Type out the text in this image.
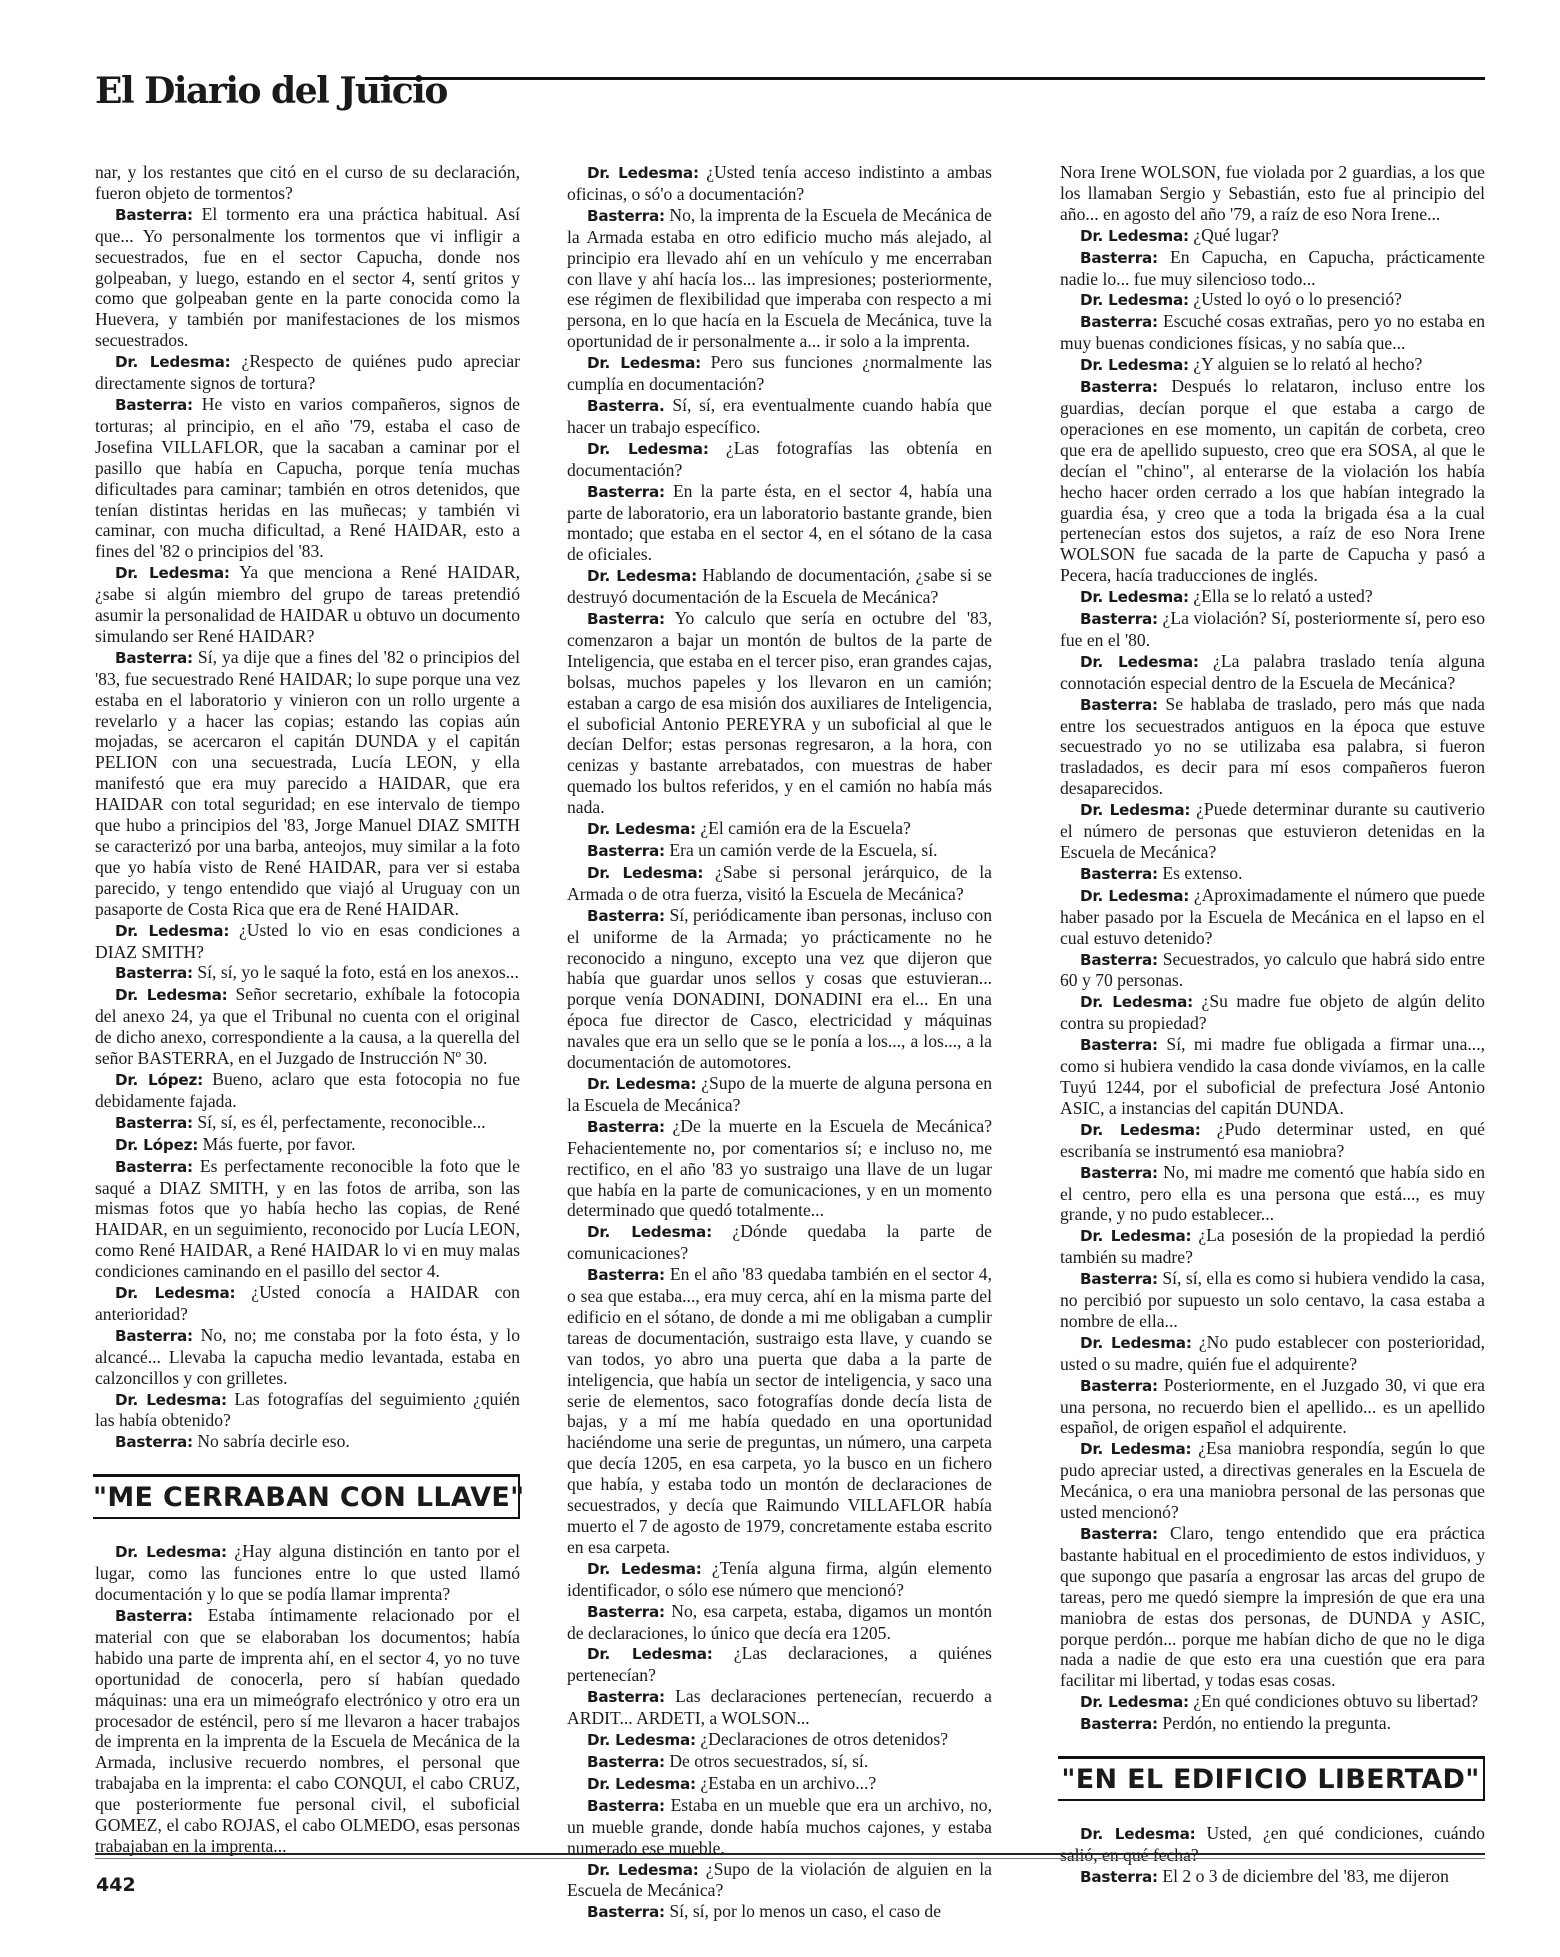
El Diario del Juicio

nar, y los restantes que citó en el curso de su declaración, fueron objeto de tormentos?

Basterra: El tormento era una práctica habitual. Así que... Yo personalmente los tormentos que vi infligir a secuestrados, fue en el sector Capucha, donde nos golpeaban, y luego, estando en el sector 4, sentí gritos y como que golpeaban gente en la parte conocida como la Huevera, y también por manifestaciones de los mismos secuestrados.

Dr. Ledesma: ¿Respecto de quiénes pudo apreciar directamente signos de tortura?

Basterra: He visto en varios compañeros, signos de torturas; al principio, en el año '79, estaba el caso de Josefina VILLAFLOR, que la sacaban a caminar por el pasillo que había en Capucha, porque tenía muchas dificultades para caminar; también en otros detenidos, que tenían distintas heridas en las muñecas; y también vi caminar, con mucha dificultad, a René HAIDAR, esto a fines del '82 o principios del '83.

Dr. Ledesma: Ya que menciona a René HAIDAR, ¿sabe si algún miembro del grupo de tareas pretendió asumir la personalidad de HAIDAR u obtuvo un documento simulando ser René HAIDAR?

Basterra: Sí, ya dije que a fines del '82 o principios del '83, fue secuestrado René HAIDAR; lo supe porque una vez estaba en el laboratorio y vinieron con un rollo urgente a revelarlo y a hacer las copias; estando las copias aún mojadas, se acercaron el capitán DUNDA y el capitán PELION con una secuestrada, Lucía LEON, y ella manifestó que era muy parecido a HAIDAR, que era HAIDAR con total seguridad; en ese intervalo de tiempo que hubo a principios del '83, Jorge Manuel DIAZ SMITH se caracterizó por una barba, anteojos, muy similar a la foto que yo había visto de René HAIDAR, para ver si estaba parecido, y tengo entendido que viajó al Uruguay con un pasaporte de Costa Rica que era de René HAIDAR.

Dr. Ledesma: ¿Usted lo vio en esas condiciones a DIAZ SMITH?

Basterra: Sí, sí, yo le saqué la foto, está en los anexos...

Dr. Ledesma: Señor secretario, exhíbale la fotocopia del anexo 24, ya que el Tribunal no cuenta con el original de dicho anexo, correspondiente a la causa, a la querella del señor BASTERRA, en el Juzgado de Instrucción Nº 30.

Dr. López: Bueno, aclaro que esta fotocopia no fue debidamente fajada.

Basterra: Sí, sí, es él, perfectamente, reconocible...

Dr. López: Más fuerte, por favor.

Basterra: Es perfectamente reconocible la foto que le saqué a DIAZ SMITH, y en las fotos de arriba, son las mismas fotos que yo había hecho las copias, de René HAIDAR, en un seguimiento, reconocido por Lucía LEON, como René HAIDAR, a René HAIDAR lo vi en muy malas condiciones caminando en el pasillo del sector 4.

Dr. Ledesma: ¿Usted conocía a HAIDAR con anterioridad?

Basterra: No, no; me constaba por la foto ésta, y lo alcancé... Llevaba la capucha medio levantada, estaba en calzoncillos y con grilletes.

Dr. Ledesma: Las fotografías del seguimiento ¿quién las había obtenido?

Basterra: No sabría decirle eso.

"ME CERRABAN CON LLAVE"

Dr. Ledesma: ¿Hay alguna distinción en tanto por el lugar, como las funciones entre lo que usted llamó documentación y lo que se podía llamar imprenta?

Basterra: Estaba íntimamente relacionado por el material con que se elaboraban los documentos; había habido una parte de imprenta ahí, en el sector 4, yo no tuve oportunidad de conocerla, pero sí habían quedado máquinas: una era un mimeógrafo electrónico y otro era un procesador de esténcil, pero sí me llevaron a hacer trabajos de imprenta en la imprenta de la Escuela de Mecánica de la Armada, inclusive recuerdo nombres, el personal que trabajaba en la imprenta: el cabo CONQUI, el cabo CRUZ, que posteriormente fue personal civil, el suboficial GOMEZ, el cabo ROJAS, el cabo OLMEDO, esas personas trabajaban en la imprenta...

Dr. Ledesma: ¿Usted tenía acceso indistinto a ambas oficinas, o só'o a documentación?

Basterra: No, la imprenta de la Escuela de Mecánica de la Armada estaba en otro edificio mucho más alejado, al principio era llevado ahí en un vehículo y me encerraban con llave y ahí hacía los... las impresiones; posteriormente, ese régimen de flexibilidad que imperaba con respecto a mi persona, en lo que hacía en la Escuela de Mecánica, tuve la oportunidad de ir personalmente a... ir solo a la imprenta.

Dr. Ledesma: Pero sus funciones ¿normalmente las cumplía en documentación?

Basterra. Sí, sí, era eventualmente cuando había que hacer un trabajo específico.

Dr. Ledesma: ¿Las fotografías las obtenía en documentación?

Basterra: En la parte ésta, en el sector 4, había una parte de laboratorio, era un laboratorio bastante grande, bien montado; que estaba en el sector 4, en el sótano de la casa de oficiales.

Dr. Ledesma: Hablando de documentación, ¿sabe si se destruyó documentación de la Escuela de Mecánica?

Basterra: Yo calculo que sería en octubre del '83, comenzaron a bajar un montón de bultos de la parte de Inteligencia, que estaba en el tercer piso, eran grandes cajas, bolsas, muchos papeles y los llevaron en un camión; estaban a cargo de esa misión dos auxiliares de Inteligencia, el suboficial Antonio PEREYRA y un suboficial al que le decían Delfor; estas personas regresaron, a la hora, con cenizas y bastante arrebatados, con muestras de haber quemado los bultos referidos, y en el camión no había más nada.

Dr. Ledesma: ¿El camión era de la Escuela?

Basterra: Era un camión verde de la Escuela, sí.

Dr. Ledesma: ¿Sabe si personal jerárquico, de la Armada o de otra fuerza, visitó la Escuela de Mecánica?

Basterra: Sí, periódicamente iban personas, incluso con el uniforme de la Armada; yo prácticamente no he reconocido a ninguno, excepto una vez que dijeron que había que guardar unos sellos y cosas que estuvieran... porque venía DONADINI, DONADINI era el... En una época fue director de Casco, electricidad y máquinas navales que era un sello que se le ponía a los..., a los..., a la documentación de automotores.

Dr. Ledesma: ¿Supo de la muerte de alguna persona en la Escuela de Mecánica?

Basterra: ¿De la muerte en la Escuela de Mecánica? Fehacientemente no, por comentarios sí; e incluso no, me rectifico, en el año '83 yo sustraigo una llave de un lugar que había en la parte de comunicaciones, y en un momento determinado que quedó totalmente...

Dr. Ledesma: ¿Dónde quedaba la parte de comunicaciones?

Basterra: En el año '83 quedaba también en el sector 4, o sea que estaba..., era muy cerca, ahí en la misma parte del edificio en el sótano, de donde a mi me obligaban a cumplir tareas de documentación, sustraigo esta llave, y cuando se van todos, yo abro una puerta que daba a la parte de inteligencia, que había un sector de inteligencia, y saco una serie de elementos, saco fotografías donde decía lista de bajas, y a mí me había quedado en una oportunidad haciéndome una serie de preguntas, un número, una carpeta que decía 1205, en esa carpeta, yo la busco en un fichero que había, y estaba todo un montón de declaraciones de secuestrados, y decía que Raimundo VILLAFLOR había muerto el 7 de agosto de 1979, concretamente estaba escrito en esa carpeta.

Dr. Ledesma: ¿Tenía alguna firma, algún elemento identificador, o sólo ese número que mencionó?

Basterra: No, esa carpeta, estaba, digamos un montón de declaraciones, lo único que decía era 1205.

Dr. Ledesma: ¿Las declaraciones, a quiénes pertenecían?

Basterra: Las declaraciones pertenecían, recuerdo a ARDIT... ARDETI, a WOLSON...

Dr. Ledesma: ¿Declaraciones de otros detenidos?

Basterra: De otros secuestrados, sí, sí.

Dr. Ledesma: ¿Estaba en un archivo...?

Basterra: Estaba en un mueble que era un archivo, no, un mueble grande, donde había muchos cajones, y estaba numerado ese mueble.

Dr. Ledesma: ¿Supo de la violación de alguien en la Escuela de Mecánica?

Basterra: Sí, sí, por lo menos un caso, el caso de

Nora Irene WOLSON, fue violada por 2 guardias, a los que los llamaban Sergio y Sebastián, esto fue al principio del año... en agosto del año '79, a raíz de eso Nora Irene...

Dr. Ledesma: ¿Qué lugar?

Basterra: En Capucha, en Capucha, prácticamente nadie lo... fue muy silencioso todo...

Dr. Ledesma: ¿Usted lo oyó o lo presenció?

Basterra: Escuché cosas extrañas, pero yo no estaba en muy buenas condiciones físicas, y no sabía que...

Dr. Ledesma: ¿Y alguien se lo relató al hecho?

Basterra: Después lo relataron, incluso entre los guardias, decían porque el que estaba a cargo de operaciones en ese momento, un capitán de corbeta, creo que era de apellido supuesto, creo que era SOSA, al que le decían el "chino", al enterarse de la violación los había hecho hacer orden cerrado a los que habían integrado la guardia ésa, y creo que a toda la brigada ésa a la cual pertenecían estos dos sujetos, a raíz de eso Nora Irene WOLSON fue sacada de la parte de Capucha y pasó a Pecera, hacía traducciones de inglés.

Dr. Ledesma: ¿Ella se lo relató a usted?

Basterra: ¿La violación? Sí, posteriormente sí, pero eso fue en el '80.

Dr. Ledesma: ¿La palabra traslado tenía alguna connotación especial dentro de la Escuela de Mecánica?

Basterra: Se hablaba de traslado, pero más que nada entre los secuestrados antiguos en la época que estuve secuestrado yo no se utilizaba esa palabra, si fueron trasladados, es decir para mí esos compañeros fueron desaparecidos.

Dr. Ledesma: ¿Puede determinar durante su cautiverio el número de personas que estuvieron detenidas en la Escuela de Mecánica?

Basterra: Es extenso.

Dr. Ledesma: ¿Aproximadamente el número que puede haber pasado por la Escuela de Mecánica en el lapso en el cual estuvo detenido?

Basterra: Secuestrados, yo calculo que habrá sido entre 60 y 70 personas.

Dr. Ledesma: ¿Su madre fue objeto de algún delito contra su propiedad?

Basterra: Sí, mi madre fue obligada a firmar una..., como si hubiera vendido la casa donde vivíamos, en la calle Tuyú 1244, por el suboficial de prefectura José Antonio ASIC, a instancias del capitán DUNDA.

Dr. Ledesma: ¿Pudo determinar usted, en qué escribanía se instrumentó esa maniobra?

Basterra: No, mi madre me comentó que había sido en el centro, pero ella es una persona que está..., es muy grande, y no pudo establecer...

Dr. Ledesma: ¿La posesión de la propiedad la perdió también su madre?

Basterra: Sí, sí, ella es como si hubiera vendido la casa, no percibió por supuesto un solo centavo, la casa estaba a nombre de ella...

Dr. Ledesma: ¿No pudo establecer con posterioridad, usted o su madre, quién fue el adquirente?

Basterra: Posteriormente, en el Juzgado 30, vi que era una persona, no recuerdo bien el apellido... es un apellido español, de origen español el adquirente.

Dr. Ledesma: ¿Esa maniobra respondía, según lo que pudo apreciar usted, a directivas generales en la Escuela de Mecánica, o era una maniobra personal de las personas que usted mencionó?

Basterra: Claro, tengo entendido que era práctica bastante habitual en el procedimiento de estos individuos, y que supongo que pasaría a engrosar las arcas del grupo de tareas, pero me quedó siempre la impresión de que era una maniobra de estas dos personas, de DUNDA y ASIC, porque perdón... porque me habían dicho de que no le diga nada a nadie de que esto era una cuestión que era para facilitar mi libertad, y todas esas cosas.

Dr. Ledesma: ¿En qué condiciones obtuvo su libertad?

Basterra: Perdón, no entiendo la pregunta.

"EN EL EDIFICIO LIBERTAD"

Dr. Ledesma: Usted, ¿en qué condiciones, cuándo salió, en qué fecha?

Basterra: El 2 o 3 de diciembre del '83, me dijeron

442
